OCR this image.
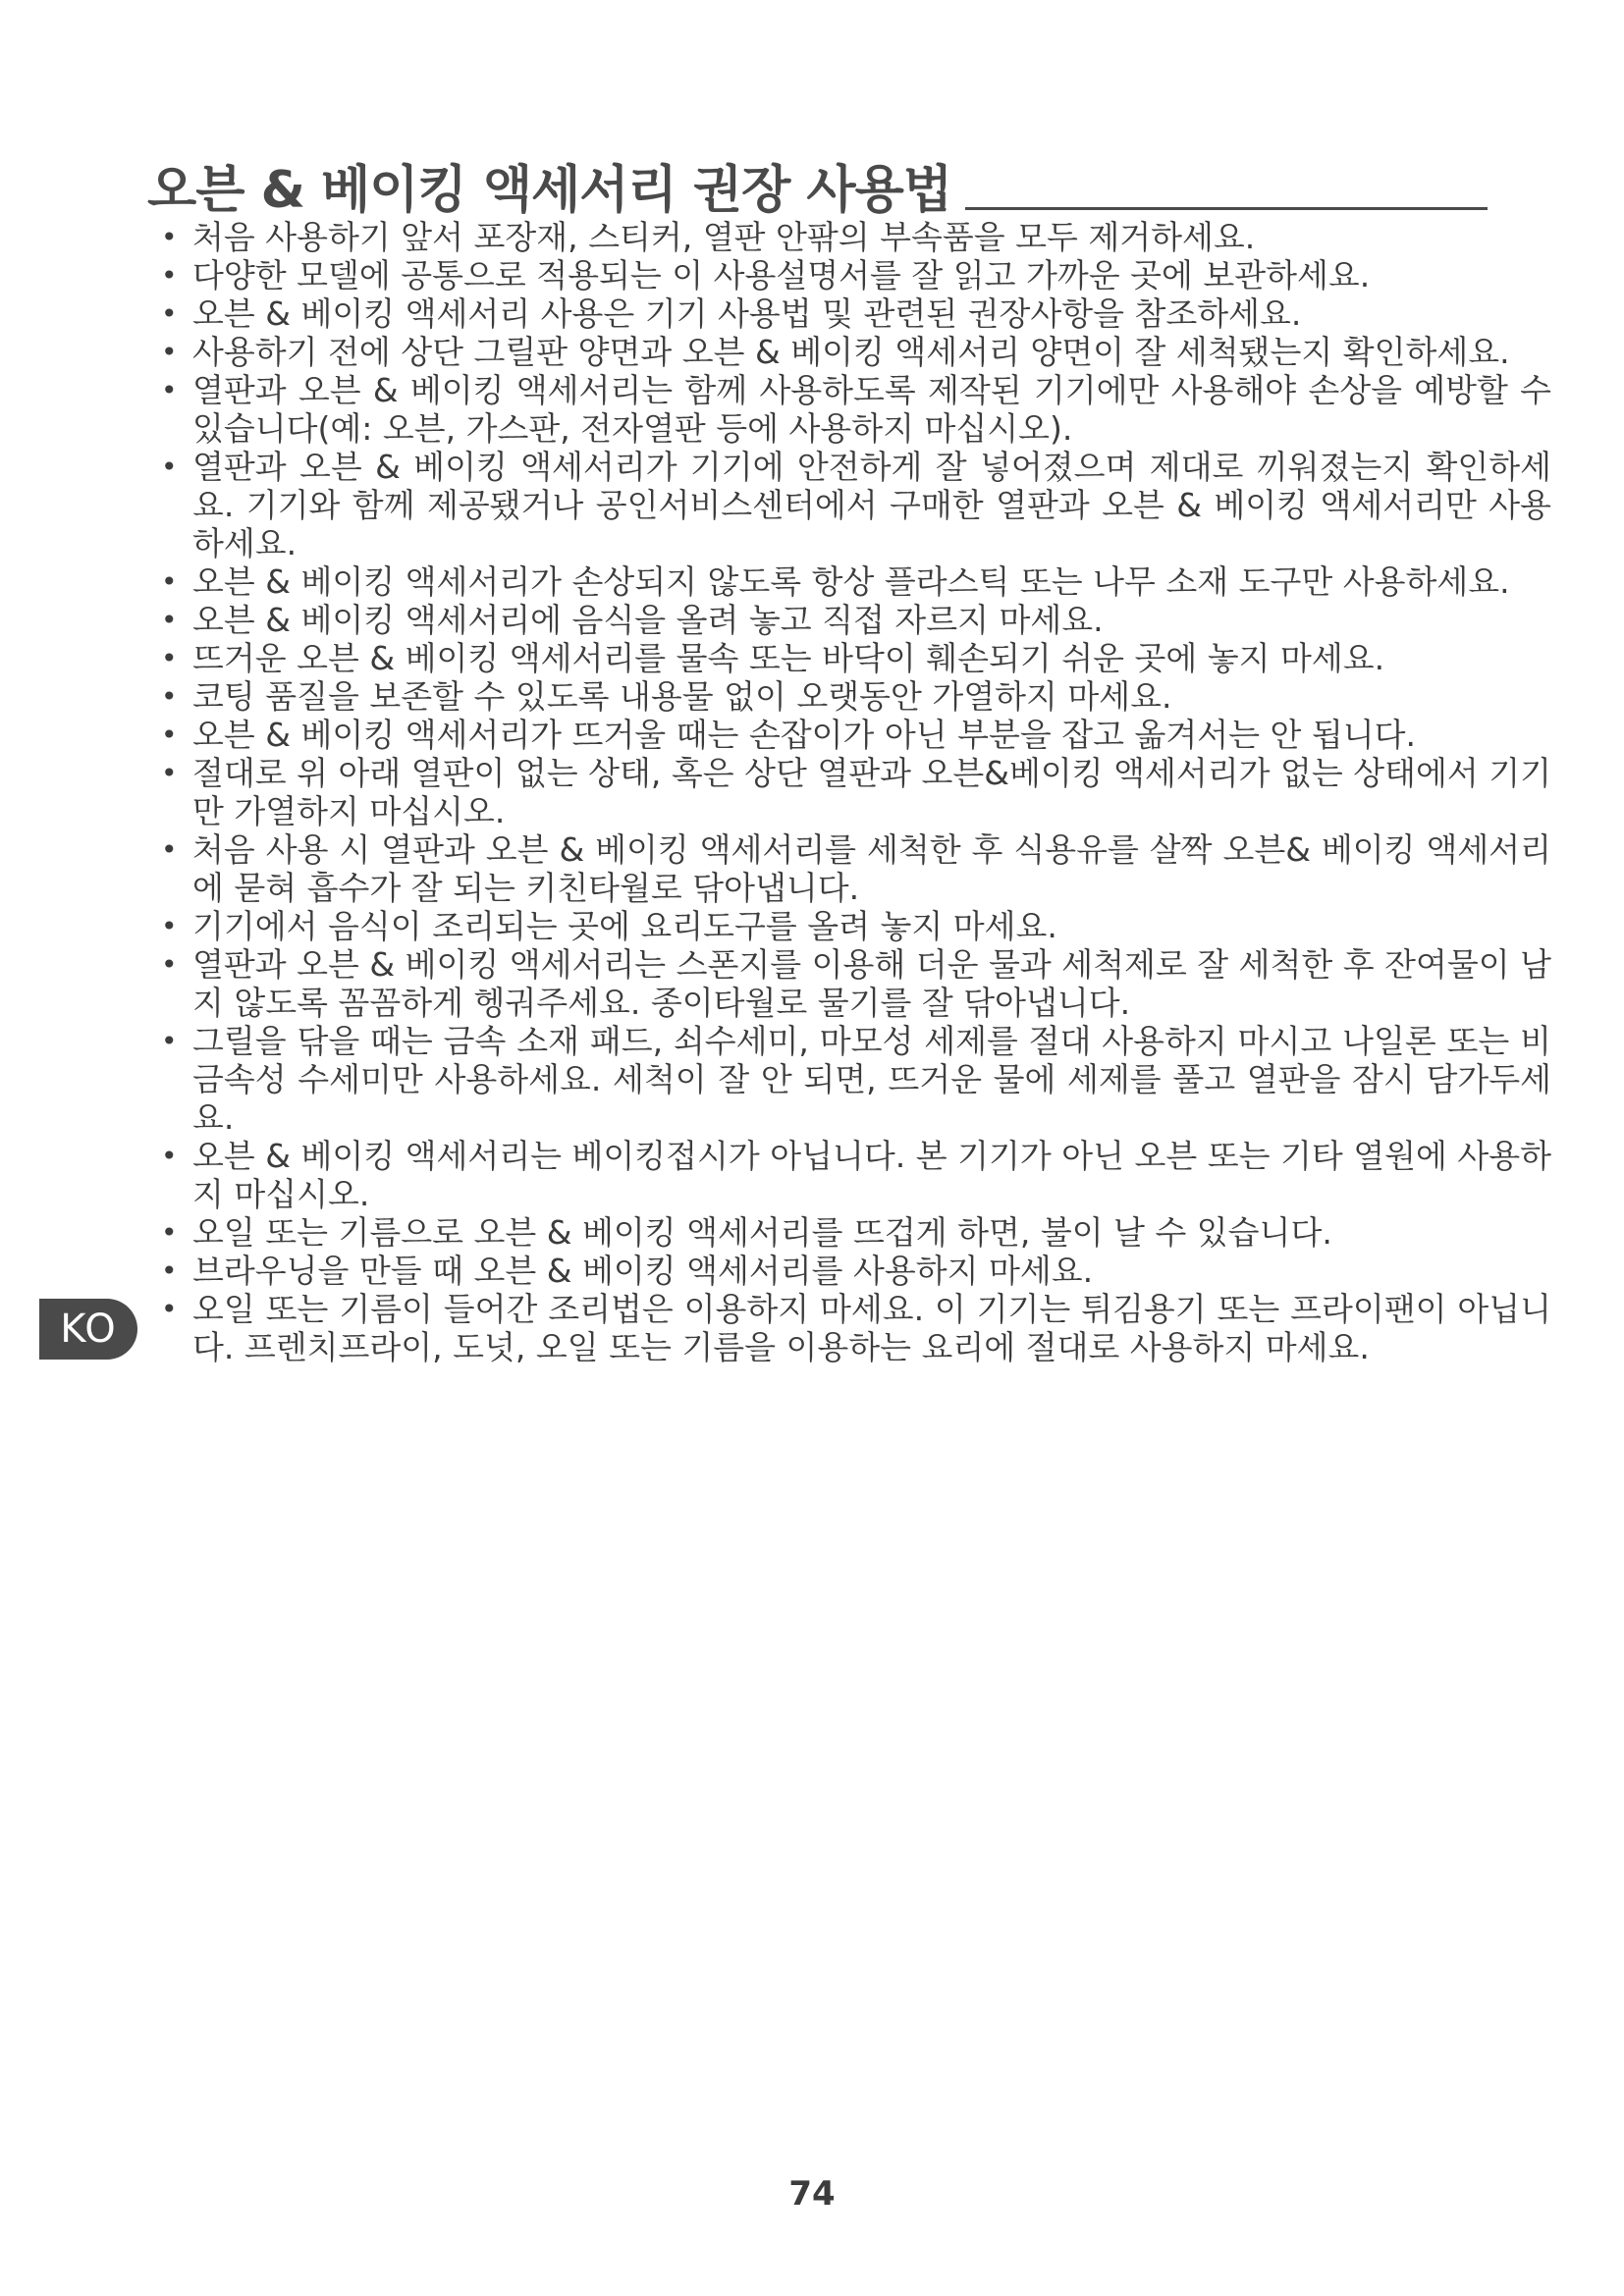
오븐 & 베이킹 액세서리 권장 사용법
• 처음 사용하기 앞서 포장재, 스티커, 열판 안팎의 부속품을 모두 제거하세요.
• 다양한 모델에 공통으로 적용되는 이 사용설명서를 잘 읽고 가까운 곳에 보관하세요.
• 오븐 & 베이킹 액세서리 사용은 기기 사용법 및 관련된 권장사항을 참조하세요.
• 사용하기 전에 상단 그릴판 양면과 오븐 & 베이킹 액세서리 양면이 잘 세척됐는지 확인하세요.
• 열판과 오븐 & 베이킹 액세서리는 함께 사용하도록 제작된 기기에만 사용해야 손상을 예방할 수 있습니다(예: 오븐, 가스판, 전자열판 등에 사용하지 마십시오).
• 열판과 오븐 & 베이킹 액세서리가 기기에 안전하게 잘 넣어졌으며 제대로 끼워졌는지 확인하세요. 기기와 함께 제공됐거나 공인서비스센터에서 구매한 열판과 오븐 & 베이킹 액세서리만 사용하세요.
• 오븐 & 베이킹 액세서리가 손상되지 않도록 항상 플라스틱 또는 나무 소재 도구만 사용하세요.
• 오븐 & 베이킹 액세서리에 음식을 올려 놓고 직접 자르지 마세요.
• 뜨거운 오븐 & 베이킹 액세서리를 물속 또는 바닥이 훼손되기 쉬운 곳에 놓지 마세요.
• 코팅 품질을 보존할 수 있도록 내용물 없이 오랫동안 가열하지 마세요.
• 오븐 & 베이킹 액세서리가 뜨거울 때는 손잡이가 아닌 부분을 잡고 옮겨서는 안 됩니다.
• 절대로 위 아래 열판이 없는 상태, 혹은 상단 열판과 오븐&베이킹 액세서리가 없는 상태에서 기기만 가열하지 마십시오.
• 처음 사용 시 열판과 오븐 & 베이킹 액세서리를 세척한 후 식용유를 살짝 오븐& 베이킹 액세서리에 묻혀 흡수가 잘 되는 키친타월로 닦아냅니다.
• 기기에서 음식이 조리되는 곳에 요리도구를 올려 놓지 마세요.
• 열판과 오븐 & 베이킹 액세서리는 스폰지를 이용해 더운 물과 세척제로 잘 세척한 후 잔여물이 남지 않도록 꼼꼼하게 헹궈주세요. 종이타월로 물기를 잘 닦아냅니다.
• 그릴을 닦을 때는 금속 소재 패드, 쇠수세미, 마모성 세제를 절대 사용하지 마시고 나일론 또는 비금속성 수세미만 사용하세요. 세척이 잘 안 되면, 뜨거운 물에 세제를 풀고 열판을 잠시 담가두세요.
• 오븐 & 베이킹 액세서리는 베이킹접시가 아닙니다. 본 기기가 아닌 오븐 또는 기타 열원에 사용하지 마십시오.
• 오일 또는 기름으로 오븐 & 베이킹 액세서리를 뜨겁게 하면, 불이 날 수 있습니다.
• 브라우닝을 만들 때 오븐 & 베이킹 액세서리를 사용하지 마세요.
• 오일 또는 기름이 들어간 조리법은 이용하지 마세요. 이 기기는 튀김용기 또는 프라이팬이 아닙니다. 프렌치프라이, 도넛, 오일 또는 기름을 이용하는 요리에 절대로 사용하지 마세요.
KO
74
